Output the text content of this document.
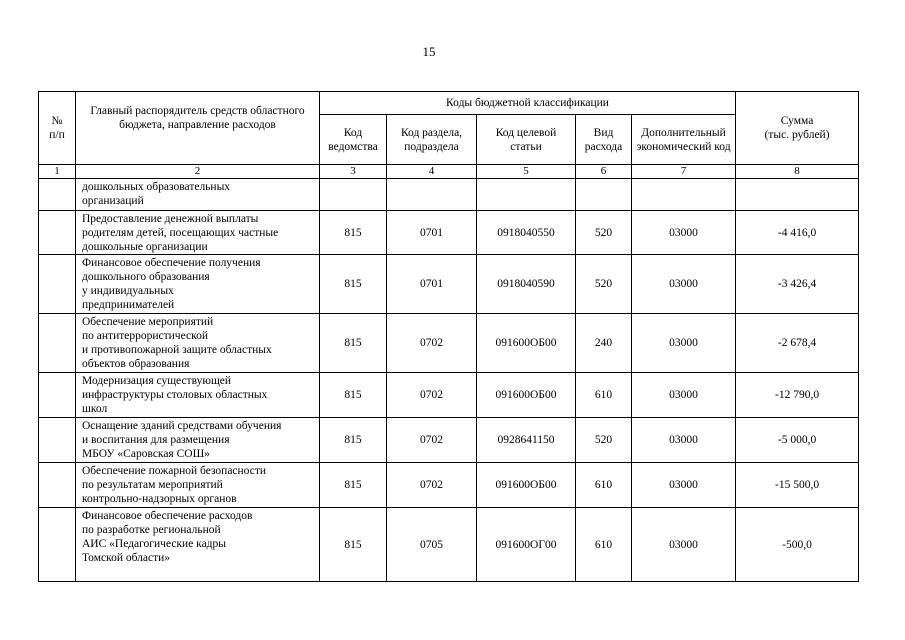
15
№
п/п	Главный распорядитель средств областного бюджета, направление расходов	Коды бюджетной классификации					Сумма
(тыс. рублей)
		Код ведомства	Код раздела, подраздела	Код целевой статьи	Вид расхода	Дополнительный экономический код	
1	2	3	4	5	6	7	8
	дошкольных образовательных
организаций						
	Предоставление денежной выплаты
родителям детей, посещающих частные
дошкольные организации	815	0701	0918040550	520	03000	-4 416,0
	Финансовое обеспечение получения
дошкольного образования
у индивидуальных
предпринимателей	815	0701	0918040590	520	03000	-3 426,4
	Обеспечение мероприятий
по антитеррористической
и противопожарной защите областных
объектов образования	815	0702	091600ОБ00	240	03000	-2 678,4
	Модернизация существующей
инфраструктуры столовых областных
школ	815	0702	091600ОБ00	610	03000	-12 790,0
	Оснащение зданий средствами обучения
и воспитания для размещения
МБОУ «Саровская СОШ»	815	0702	0928641150	520	03000	-5 000,0
	Обеспечение пожарной безопасности
по результатам мероприятий
контрольно-надзорных органов	815	0702	091600ОБ00	610	03000	-15 500,0
	Финансовое обеспечение расходов
по разработке региональной
АИС «Педагогические кадры
Томской области»	815	0705	091600ОГ00	610	03000	-500,0
